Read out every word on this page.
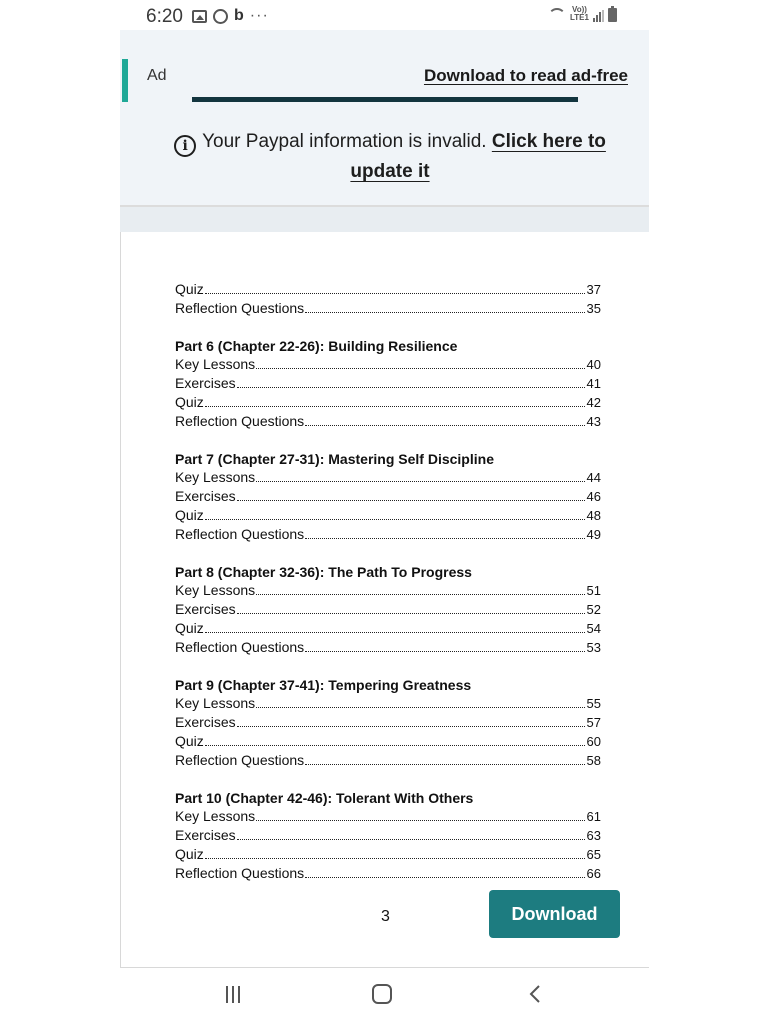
6:20	b ···	Vo))
LTE1
Ad	Download to read ad-free
i Your Paypal information is invalid. Click here to update it
Quiz	37
Reflection Questions	35
Part 6 (Chapter 22-26): Building Resilience
Key Lessons	40
Exercises	41
Quiz	42
Reflection Questions	43
Part 7 (Chapter 27-31): Mastering Self Discipline
Key Lessons	44
Exercises	46
Quiz	48
Reflection Questions	49
Part 8 (Chapter 32-36): The Path To Progress
Key Lessons	51
Exercises	52
Quiz	54
Reflection Questions	53
Part 9 (Chapter 37-41): Tempering Greatness
Key Lessons	55
Exercises	57
Quiz	60
Reflection Questions	58
Part 10 (Chapter 42-46): Tolerant With Others
Key Lessons	61
Exercises	63
Quiz	65
Reflection Questions	66
3	Download
